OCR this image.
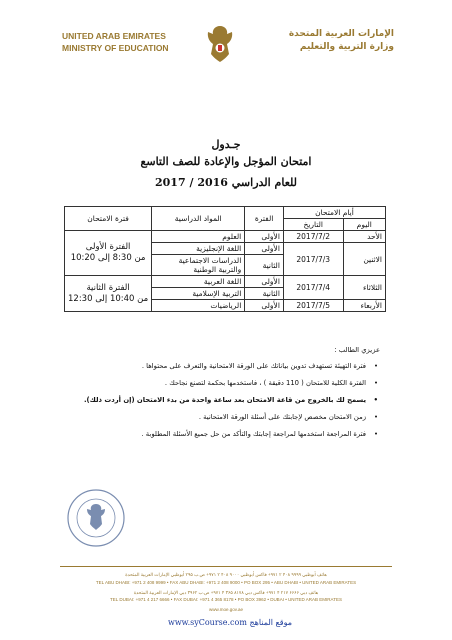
UNITED ARAB EMIRATES
MINISTRY OF EDUCATION
الإمارات العربية المتحدة
وزارة التربية والتعليم
جـدول
امتحان المؤجل والإعادة للصف التاسع
للعام الدراسي 2016 / 2017
أيام الامتحان		الفترة	المواد الدراسية	فترة الامتحان
اليوم	التاريخ			
الأحد	2017/7/2	الأولى	العلوم	الفترة الأولى
من 8:30 إلى 10:20

الاثنين	2017/7/3	الأولى	اللغة الإنجليزية	
		الثانية	الدراسات الاجتماعية والتربية الوطنية	
الثلاثاء	2017/7/4	الأولى	اللغة العربية	الفترة الثانية
من 10:40 إلى 12:30

		الثانية	التربية الإسلامية	
الأربعاء	2017/7/5	الأولى	الرياضيات	
عزيزي الطالب :
• فترة التهيئة تستهدف تدوين بياناتك على الورقة الامتحانية والتعرف على محتواها .
• الفترة الكلية للامتحان ( 110 دقيقة ) ، فاستخدمها بحكمة لتصنع نجاحك .
• يسمح لك بالخروج من قاعة الامتحان بعد ساعة واحدة من بدء الامتحان (إن أردت ذلك).
• زمن الامتحان مخصص لإجابتك على أسئلة الورقة الامتحانية .
• فترة المراجعة استخدمها لمراجعة إجابتك والتأكد من حل جميع الأسئلة المطلوبة .
هاتف أبوظبي ۹۹۹۹ ۴۰۸ ۲ ۹۷۱+ فاكس أبوظبي ۹۰۰۰ ۴۰۸ ۲ ۹۷۱+ ص.ب ۲۹۵ أبوظبي الإمارات العربية المتحدة
TEL ABU DHABI: +971 2 408 9999 • FAX ABU DHABI: +971 2 408 9000 • PO BOX 295 • ABU DHABI • UNITED ARAB EMIRATES
هاتف دبي ۶۶۶۶ ۲۱۷ ۴ ۹۷۱+ فاكس دبي ۸۱۷۸ ۳۶۵ ۴ ۹۷۱+ ص.ب ۳۹۶۲ دبي الإمارات العربية المتحدة
TEL DUBAI: +971 4 217 6666 • FAX DUBAI: +971 4 365 8178 • PO BOX 3962 • DUBAI • UNITED ARAB EMIRATES
www.moe.gov.ae
موقع المناهج www.syCourse.com
